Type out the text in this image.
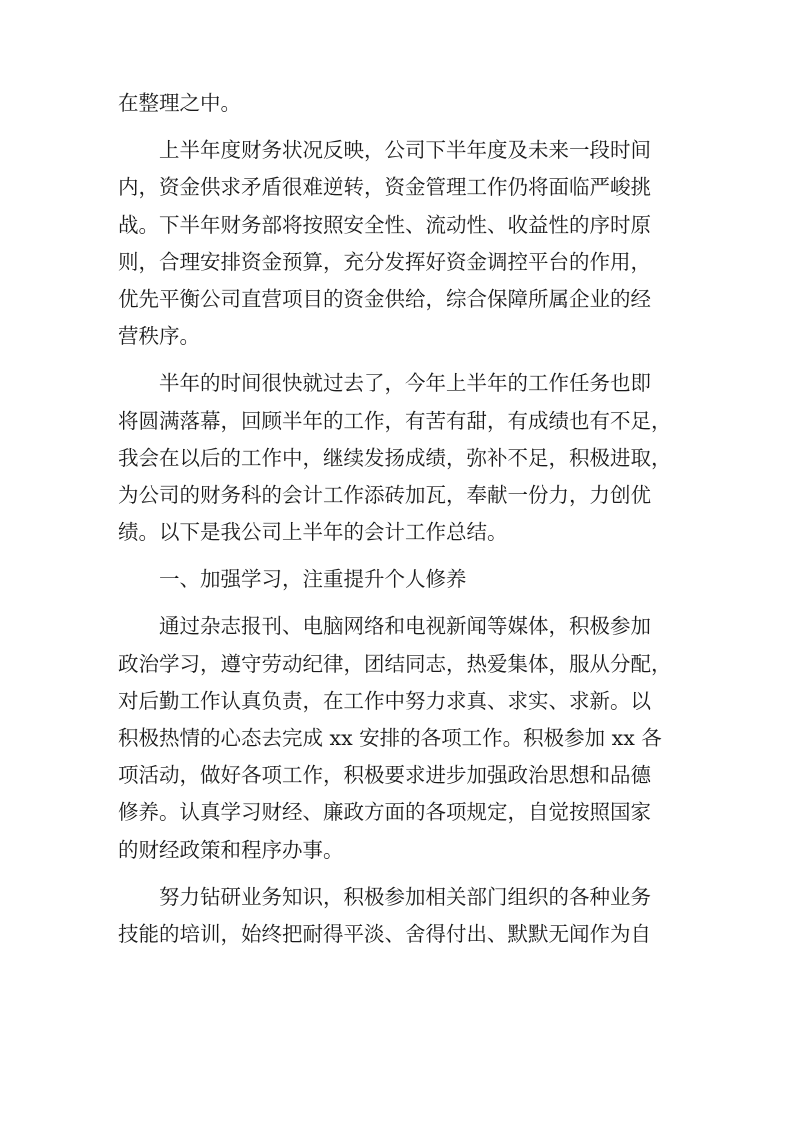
在整理之中。
上半年度财务状况反映，公司下半年度及未来一段时间
内，资金供求矛盾很难逆转，资金管理工作仍将面临严峻挑
战。下半年财务部将按照安全性、流动性、收益性的序时原
则，合理安排资金预算，充分发挥好资金调控平台的作用，
优先平衡公司直营项目的资金供给，综合保障所属企业的经
营秩序。
半年的时间很快就过去了，今年上半年的工作任务也即
将圆满落幕，回顾半年的工作，有苦有甜，有成绩也有不足，
我会在以后的工作中，继续发扬成绩，弥补不足，积极进取，
为公司的财务科的会计工作添砖加瓦，奉献一份力，力创优
绩。以下是我公司上半年的会计工作总结。
一、加强学习，注重提升个人修养
通过杂志报刊、电脑网络和电视新闻等媒体，积极参加
政治学习，遵守劳动纪律，团结同志，热爱集体，服从分配，
对后勤工作认真负责，在工作中努力求真、求实、求新。以
积极热情的心态去完成 xx 安排的各项工作。积极参加 xx 各
项活动，做好各项工作，积极要求进步加强政治思想和品德
修养。认真学习财经、廉政方面的各项规定，自觉按照国家
的财经政策和程序办事。
努力钻研业务知识，积极参加相关部门组织的各种业务
技能的培训，始终把耐得平淡、舍得付出、默默无闻作为自
